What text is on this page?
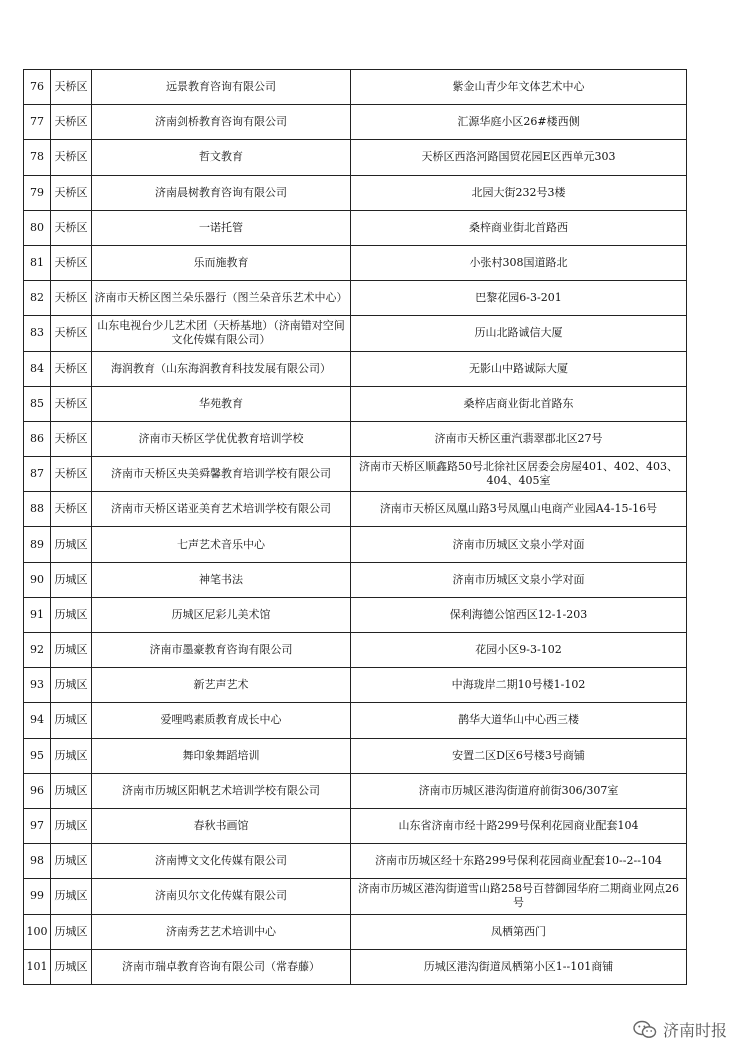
76	天桥区	远景教育咨询有限公司	紫金山青少年文体艺术中心
77	天桥区	济南剑桥教育咨询有限公司	汇源华庭小区26#楼西侧
78	天桥区	哲文教育	天桥区西洛河路国贸花园E区西单元303
79	天桥区	济南晨树教育咨询有限公司	北园大街232号3楼
80	天桥区	一诺托管	桑梓商业街北首路西
81	天桥区	乐而施教育	小张村308国道路北
82	天桥区	济南市天桥区图兰朵乐器行（图兰朵音乐艺术中心）	巴黎花园6-3-201
83	天桥区	山东电视台少儿艺术团（天桥基地）（济南错对空间文化传媒有限公司）	历山北路诚信大厦
84	天桥区	海润教育（山东海润教育科技发展有限公司）	无影山中路诚际大厦
85	天桥区	华苑教育	桑梓店商业街北首路东
86	天桥区	济南市天桥区学优优教育培训学校	济南市天桥区重汽翡翠郡北区27号
87	天桥区	济南市天桥区央美舜馨教育培训学校有限公司	济南市天桥区顺鑫路50号北徐社区居委会房屋401、402、403、404、405室
88	天桥区	济南市天桥区诺亚美育艺术培训学校有限公司	济南市天桥区凤凰山路3号凤凰山电商产业园A4-15-16号
89	历城区	七声艺术音乐中心	济南市历城区文泉小学对面
90	历城区	神笔书法	济南市历城区文泉小学对面
91	历城区	历城区尼彩儿美术馆	保利海德公馆西区12-1-203
92	历城区	济南市墨豪教育咨询有限公司	花园小区9-3-102
93	历城区	新艺声艺术	中海珑岸二期10号楼1-102
94	历城区	爱哩鸣素质教育成长中心	鹊华大道华山中心西三楼
95	历城区	舞印象舞蹈培训	安置二区D区6号楼3号商铺
96	历城区	济南市历城区阳帆艺术培训学校有限公司	济南市历城区港沟街道府前街306/307室
97	历城区	春秋书画馆	山东省济南市经十路299号保利花园商业配套104
98	历城区	济南博文文化传媒有限公司	济南市历城区经十东路299号保利花园商业配套10--2--104
99	历城区	济南贝尔文化传媒有限公司	济南市历城区港沟街道雪山路258号百替御园华府二期商业网点26号
100	历城区	济南秀艺艺术培训中心	凤栖第西门
101	历城区	济南市瑞卓教育咨询有限公司（常春藤）	历城区港沟街道凤栖第小区1--101商铺
济南时报
